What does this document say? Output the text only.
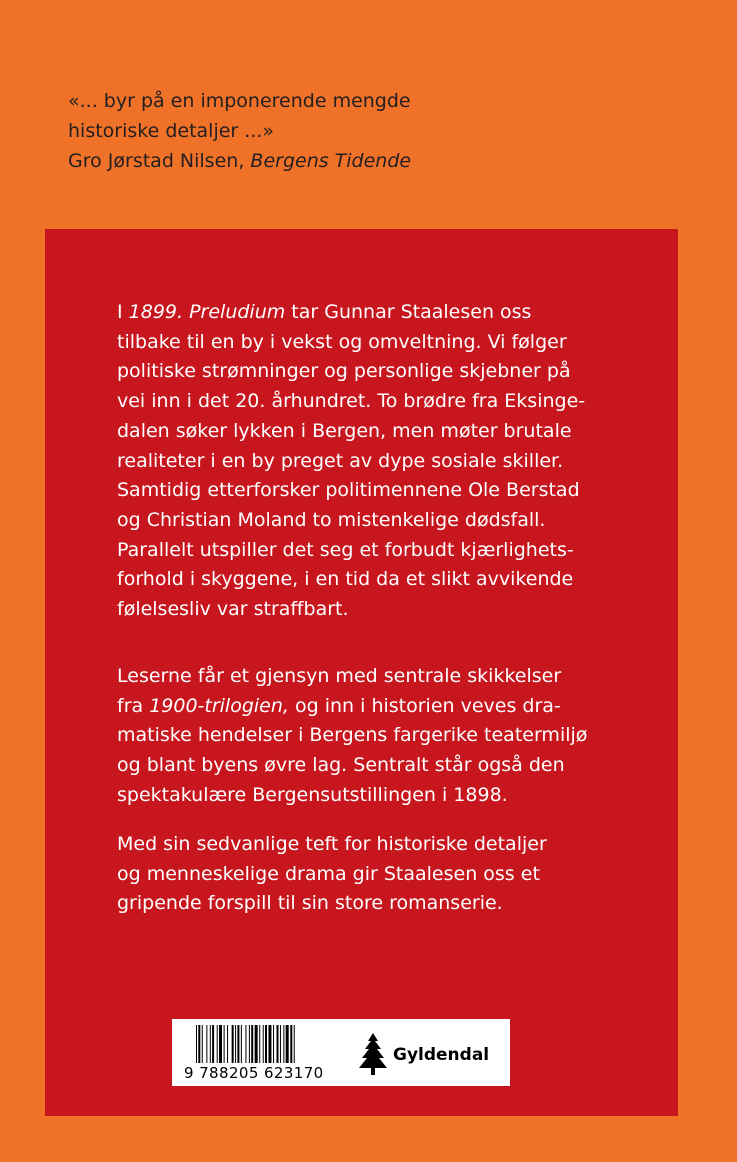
«... byr på en imponerende mengde
historiske detaljer ...»
Gro Jørstad Nilsen, Bergens Tidende
I 1899. Preludium tar Gunnar Staalesen oss
tilbake til en by i vekst og omveltning. Vi følger
politiske strømninger og personlige skjebner på
vei inn i det 20. århundret. To brødre fra Eksinge-
dalen søker lykken i Bergen, men møter brutale
realiteter i en by preget av dype sosiale skiller.
Samtidig etterforsker politimennene Ole Berstad
og Christian Moland to mistenkelige dødsfall.
Parallelt utspiller det seg et forbudt kjærlighets-
forhold i skyggene, i en tid da et slikt avvikende
følelsesliv var straffbart.
Leserne får et gjensyn med sentrale skikkelser
fra 1900-trilogien, og inn i historien veves dra-
matiske hendelser i Bergens fargerike teatermiljø
og blant byens øvre lag. Sentralt står også den
spektakulære Bergensutstillingen i 1898.
Med sin sedvanlige teft for historiske detaljer
og menneskelige drama gir Staalesen oss et
gripende forspill til sin store romanserie.
9 788205 623170
Gyldendal
